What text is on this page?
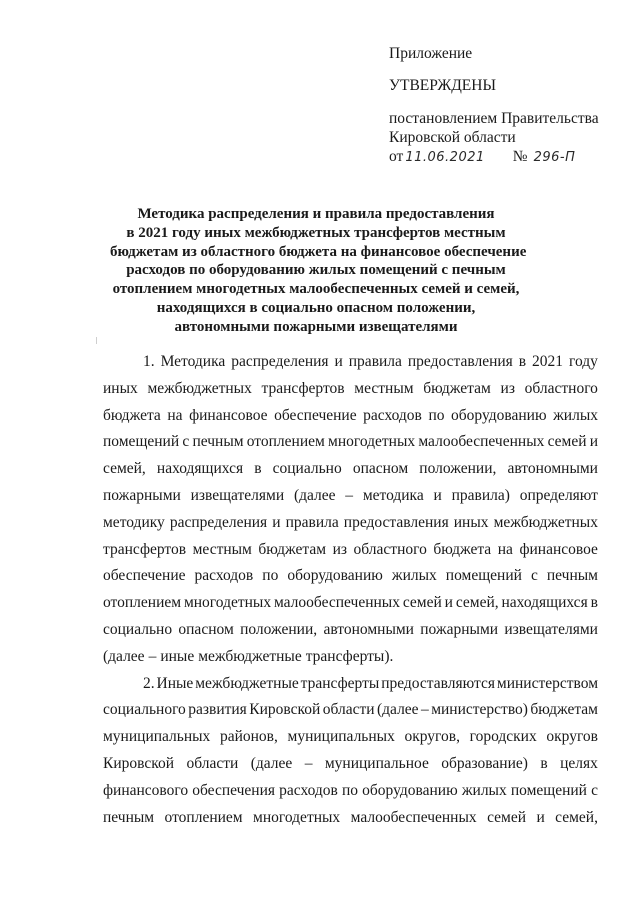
Приложение
УТВЕРЖДЕНЫ
постановлением Правительства
Кировской области
от 11.06.2021 № 296-П
Методика распределения и правила предоставления
в 2021 году иных межбюджетных трансфертов местным
бюджетам из областного бюджета на финансовое обеспечение
расходов по оборудованию жилых помещений с печным
отоплением многодетных малообеспеченных семей и семей,
находящихся в социально опасном положении,
автономными пожарными извещателями
1. Методика распределения и правила предоставления в 2021 году
иных межбюджетных трансфертов местным бюджетам из областного
бюджета на финансовое обеспечение расходов по оборудованию жилых
помещений с печным отоплением многодетных малообеспеченных семей и
семей, находящихся в социально опасном положении, автономными
пожарными извещателями (далее – методика и правила) определяют
методику распределения и правила предоставления иных межбюджетных
трансфертов местным бюджетам из областного бюджета на финансовое
обеспечение расходов по оборудованию жилых помещений с печным
отоплением многодетных малообеспеченных семей и семей, находящихся в
социально опасном положении, автономными пожарными извещателями
(далее – иные межбюджетные трансферты).
2. Иные межбюджетные трансферты предоставляются министерством
социального развития Кировской области (далее – министерство) бюджетам
муниципальных районов, муниципальных округов, городских округов
Кировской области (далее – муниципальное образование) в целях
финансового обеспечения расходов по оборудованию жилых помещений с
печным отоплением многодетных малообеспеченных семей и семей,
